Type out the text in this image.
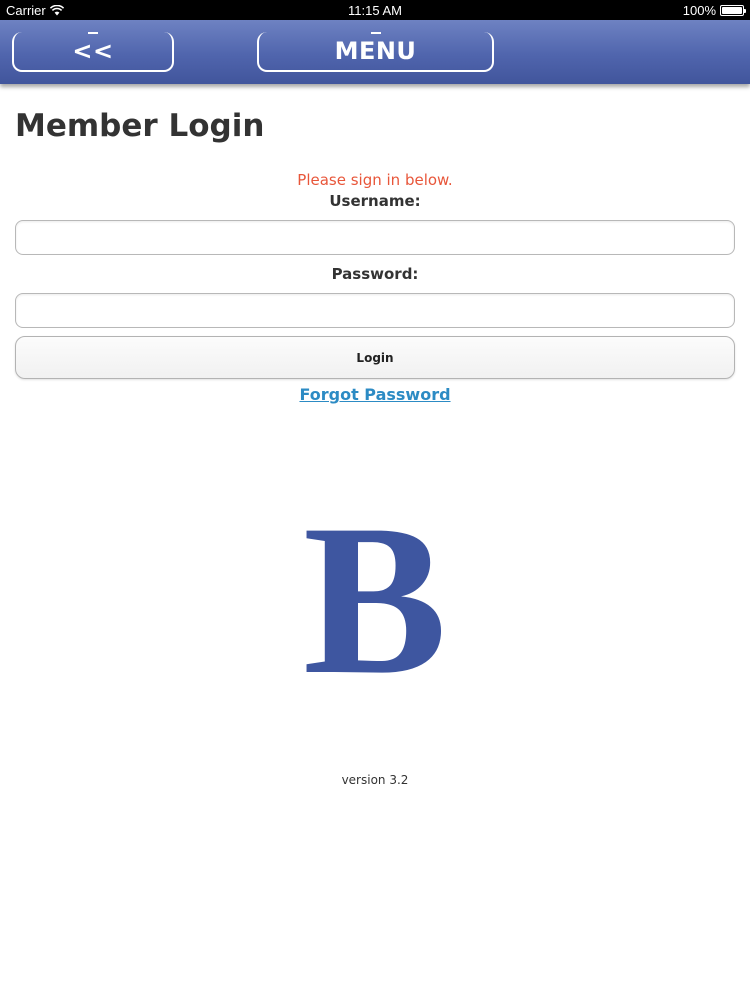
Carrier	11:15 AM	100%
<<	MENU
Member Login
Please sign in below.
Username:
Password:
Login
Forgot Password
B
version 3.2
